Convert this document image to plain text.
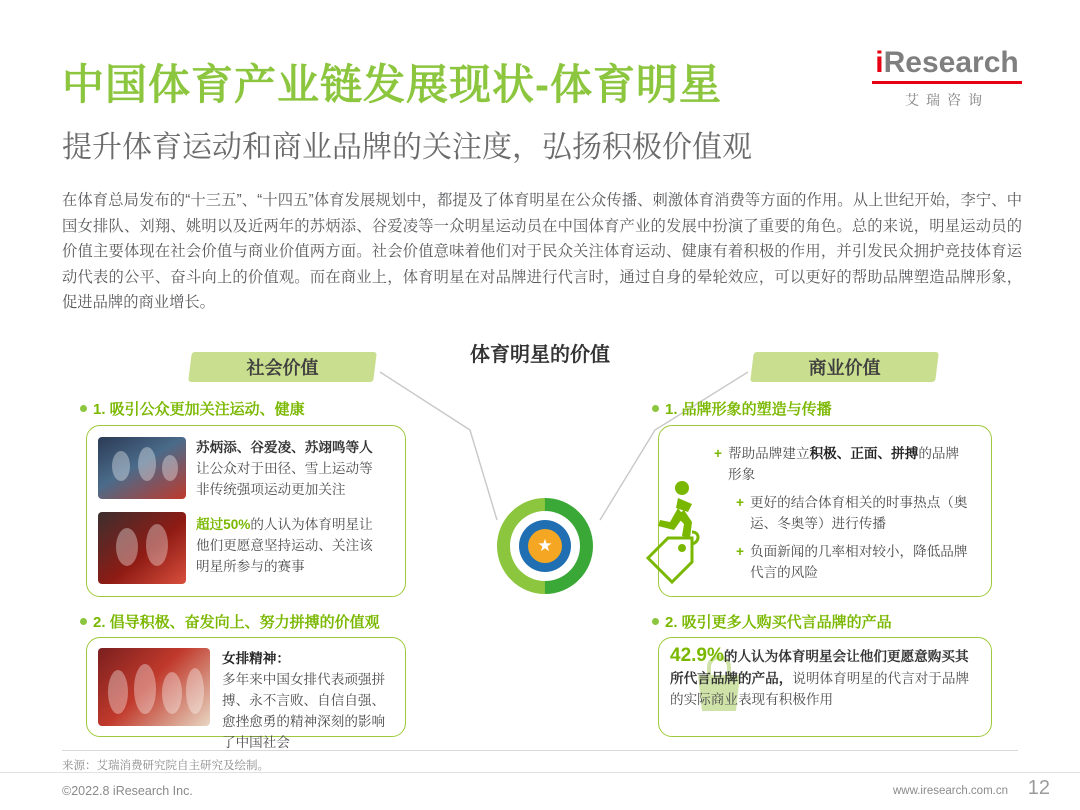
中国体育产业链发展现状-体育明星
提升体育运动和商业品牌的关注度，弘扬积极价值观
iResearch
艾瑞咨询
在体育总局发布的“十三五”、“十四五”体育发展规划中，都提及了体育明星在公众传播、刺激体育消费等方面的作用。从上世纪开始，李宁、中国女排队、刘翔、姚明以及近两年的苏炳添、谷爱凌等一众明星运动员在中国体育产业的发展中扮演了重要的角色。总的来说，明星运动员的价值主要体现在社会价值与商业价值两方面。社会价值意味着他们对于民众关注体育运动、健康有着积极的作用，并引发民众拥护竞技体育运动代表的公平、奋斗向上的价值观。而在商业上，体育明星在对品牌进行代言时，通过自身的晕轮效应，可以更好的帮助品牌塑造品牌形象，促进品牌的商业增长。
体育明星的价值
社会价值	商业价值
1. 吸引公众更加关注运动、健康
苏炳添、谷爱凌、苏翊鸣等人让公众对于田径、雪上运动等非传统强项运动更加关注
超过50%的人认为体育明星让他们更愿意坚持运动、关注该明星所参与的赛事
2. 倡导积极、奋发向上、努力拼搏的价值观
女排精神：
多年来中国女排代表顽强拼搏、永不言败、自信自强、愈挫愈勇的精神深刻的影响了中国社会
★
1. 品牌形象的塑造与传播
+ 帮助品牌建立积极、正面、拼搏的品牌形象
+ 更好的结合体育相关的时事热点（奥运、冬奥等）进行传播
+ 负面新闻的几率相对较小，降低品牌代言的风险
2. 吸引更多人购买代言品牌的产品
42.9%的人认为体育明星会让他们更愿意购买其所代言品牌的产品，说明体育明星的代言对于品牌的实际商业表现有积极作用
来源：艾瑞消费研究院自主研究及绘制。
©2022.8 iResearch Inc.	www.iresearch.com.cn 12
